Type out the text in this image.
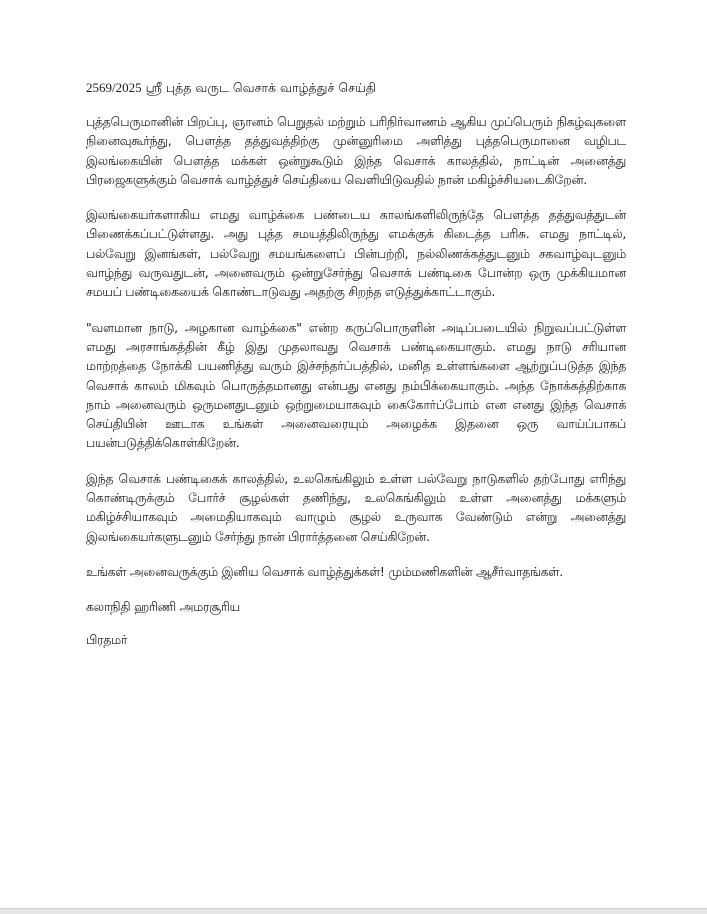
2569/2025 ஸ்ரீ புத்த வருட வெசாக் வாழ்த்துச் செய்தி

புத்தபெருமானின் பிறப்பு, ஞானம் பெறுதல் மற்றும் பரிநிர்வாணம் ஆகிய முப்பெரும் நிகழ்வுகளை நினைவுகூர்ந்து, பௌத்த தத்துவத்திற்கு முன்னுரிமை அளித்து புத்தபெருமானை வழிபட இலங்கையின் பௌத்த மக்கள் ஒன்றுகூடும் இந்த வெசாக் காலத்தில், நாட்டின் அனைத்து பிரஜைகளுக்கும் வெசாக் வாழ்த்துச் செய்தியை வெளியிடுவதில் நான் மகிழ்ச்சியடைகிறேன்.

இலங்கையர்களாகிய எமது வாழ்க்கை பண்டைய காலங்களிலிருந்தே பௌத்த தத்துவத்துடன் பிணைக்கப்பட்டுள்ளது. அது புத்த சமயத்திலிருந்து எமக்குக் கிடைத்த பரிசு. எமது நாட்டில், பல்வேறு இனங்கள், பல்வேறு சமயங்களைப் பின்பற்றி, நல்லிணக்கத்துடனும் சகவாழ்வுடனும் வாழ்ந்து வருவதுடன், அனைவரும் ஒன்றுசேர்ந்து வெசாக் பண்டிகை போன்ற ஒரு முக்கியமான சமயப் பண்டிகையைக் கொண்டாடுவது அதற்கு சிறந்த எடுத்துக்காட்டாகும்.

"வளமான நாடு, அழகான வாழ்க்கை" என்ற கருப்பொருளின் அடிப்படையில் நிறுவப்பட்டுள்ள எமது அரசாங்கத்தின் கீழ் இது முதலாவது வெசாக் பண்டிகையாகும். எமது நாடு சரியான மாற்றத்தை நோக்கி பயணித்து வரும் இச்சந்தர்ப்பத்தில், மனித உள்ளங்களை ஆற்றுப்படுத்த இந்த வெசாக் காலம் மிகவும் பொருத்தமானது என்பது எனது நம்பிக்கையாகும். அந்த நோக்கத்திற்காக நாம் அனைவரும் ஒருமனதுடனும் ஒற்றுமையாகவும் கைகோர்ப்போம் என எனது இந்த வெசாக் செய்தியின் ஊடாக உங்கள் அனைவரையும் அழைக்க இதனை ஒரு வாய்ப்பாகப் பயன்படுத்திக்கொள்கிறேன்.

இந்த வெசாக் பண்டிகைக் காலத்தில், உலகெங்கிலும் உள்ள பல்வேறு நாடுகளில் தற்போது எரிந்து கொண்டிருக்கும் போர்ச் சூழல்கள் தணிந்து, உலகெங்கிலும் உள்ள அனைத்து மக்களும் மகிழ்ச்சியாகவும் அமைதியாகவும் வாழும் சூழல் உருவாக வேண்டும் என்று அனைத்து இலங்கையர்களுடனும் சேர்ந்து நான் பிரார்த்தனை செய்கிறேன்.

உங்கள் அனைவருக்கும் இனிய வெசாக் வாழ்த்துக்கள்! மும்மணிகளின் ஆசீர்வாதங்கள்.

கலாநிதி ஹரிணி அமரசூரிய
பிரதமர்
